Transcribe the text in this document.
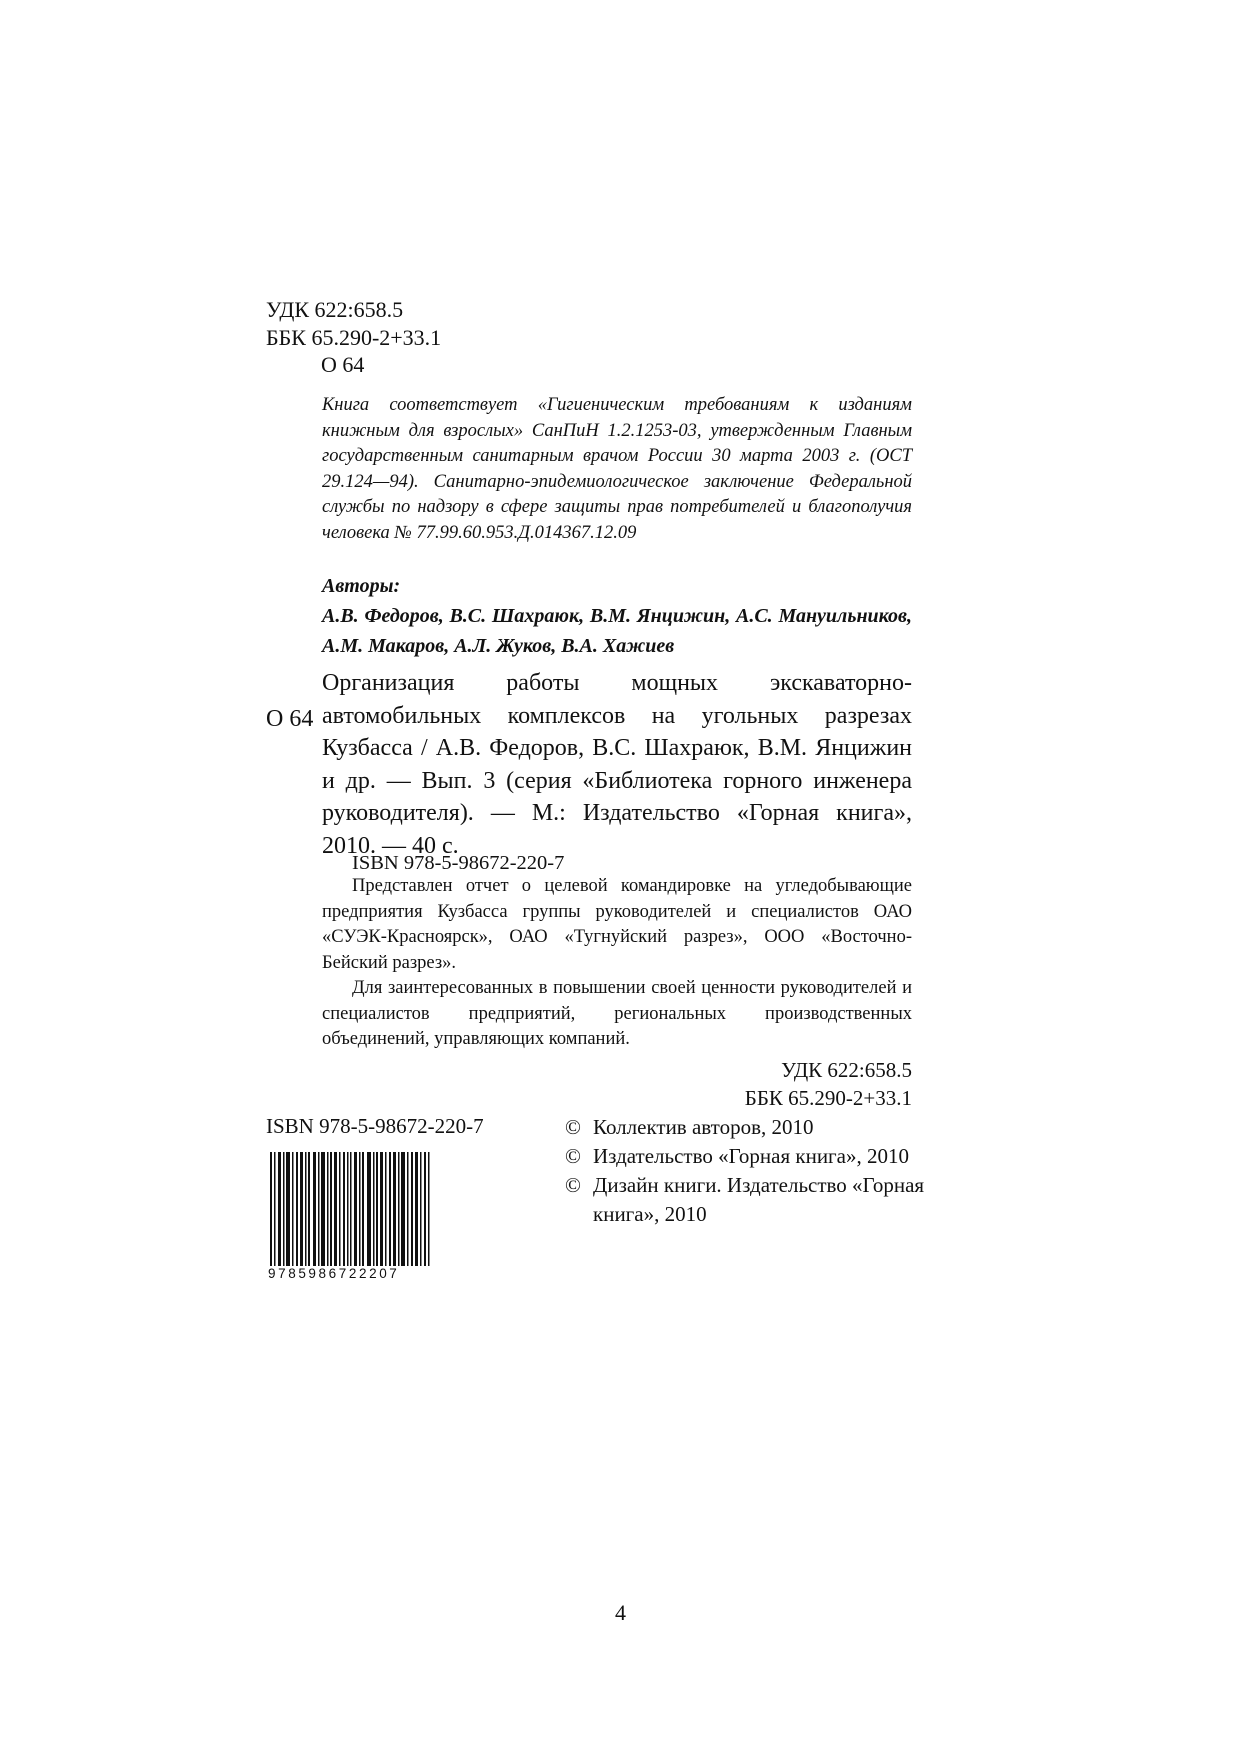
УДК 622:658.5
ББК 65.290-2+33.1
О 64

Книга соответствует «Гигиеническим требованиям к изданиям книжным для взрослых» СанПиН 1.2.1253-03, утвержденным Главным государственным санитарным врачом России 30 марта 2003 г. (ОСТ 29.124—94). Санитарно-эпидемиологическое заключение Федеральной службы по надзору в сфере защиты прав потребителей и благополучия человека № 77.99.60.953.Д.014367.12.09

Авторы:
А.В. Федоров, В.С. Шахраюк, В.М. Янцижин, А.С. Мануильников, А.М. Макаров, А.Л. Жуков, В.А. Хажиев
О 64

Организация работы мощных экскаваторно-автомобильных комплексов на угольных разрезах Кузбасса / А.В. Федоров, В.С. Шахраюк, В.М. Янцижин и др. — Вып. 3 (серия «Библиотека горного инженера руководителя). — М.: Издательство «Горная книга», 2010. — 40 с.

ISBN 978-5-98672-220-7

Представлен отчет о целевой командировке на угледобывающие предприятия Кузбасса группы руководителей и специалистов ОАО «СУЭК-Красноярск», ОАО «Тугнуйский разрез», ООО «Восточно-Бейский разрез».

Для заинтересованных в повышении своей ценности руководителей и специалистов предприятий, региональных производственных объединений, управляющих компаний.

УДК 622:658.5
ББК 65.290-2+33.1
ISBN 978-5-98672-220-7
9785986722207
© Коллектив авторов, 2010
© Издательство «Горная книга», 2010
© Дизайн книги. Издательство «Горная книга», 2010
4
